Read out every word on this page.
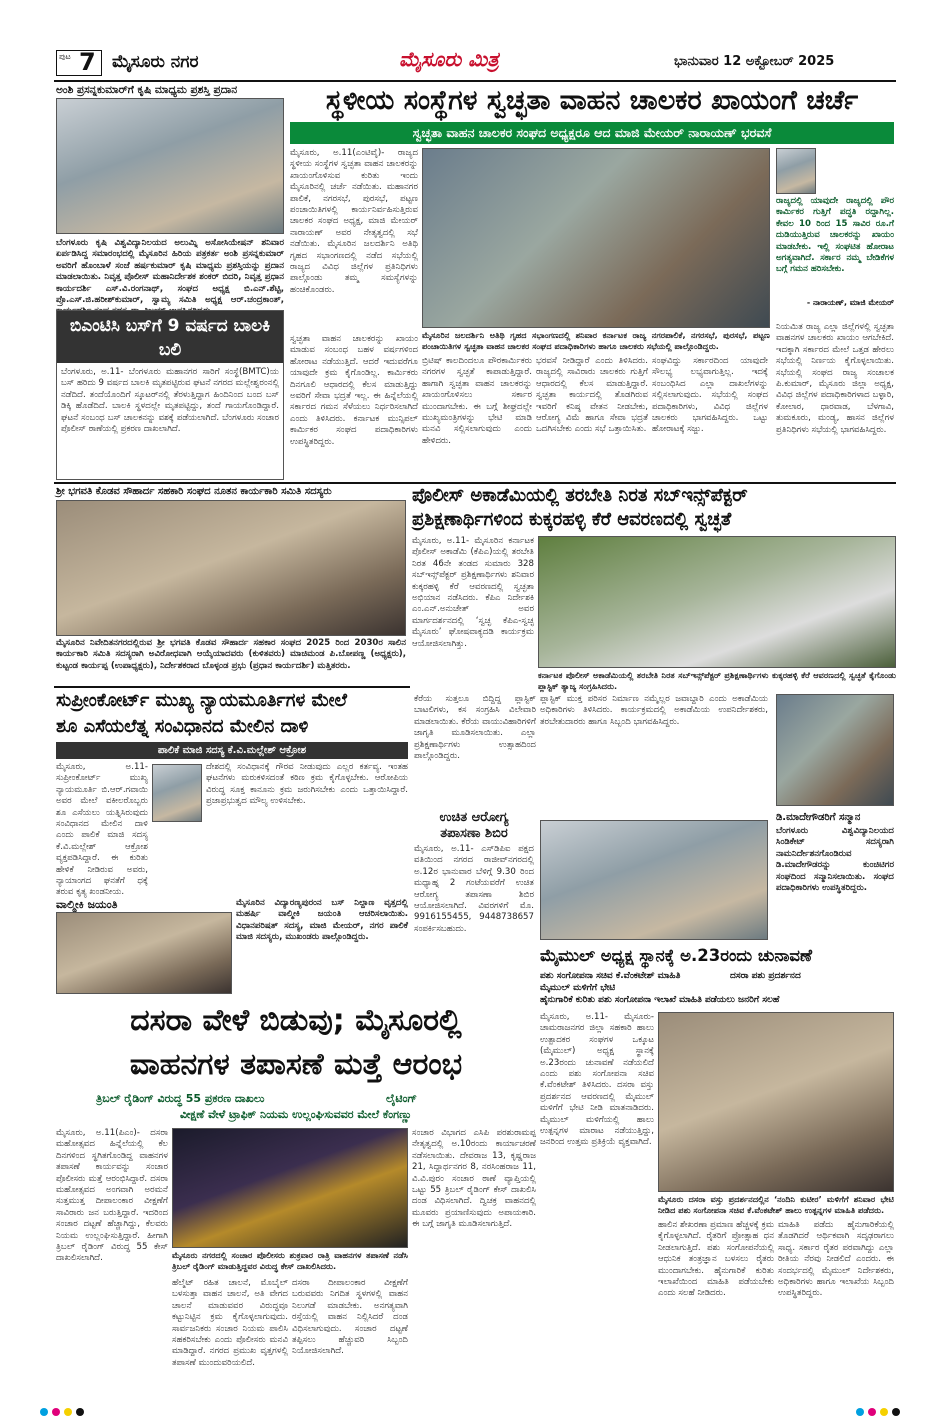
ಪುಟ 7 ಮೈಸೂರು ನಗರ	ಮೈಸೂರು ಮಿತ್ರ	ಭಾನುವಾರ 12 ಅಕ್ಟೋಬರ್ 2025
ಅಂಶಿ ಪ್ರಸನ್ನಕುಮಾರ್‌ಗೆ ಕೃಷಿ ಮಾಧ್ಯಮ ಪ್ರಶಸ್ತಿ ಪ್ರದಾನ
ಬೆಂಗಳೂರು ಕೃಷಿ ವಿಶ್ವವಿದ್ಯಾನಿಲಯದ ಅಲುಮ್ನಿ ಅಸೋಸಿಯೇಷನ್ ಶನಿವಾರ ಏರ್ಪಡಿಸಿದ್ದ ಸಮಾರಂಭದಲ್ಲಿ ಮೈಸೂರಿನ ಹಿರಿಯ ಪತ್ರಕರ್ತ ಅಂಶಿ ಪ್ರಸನ್ನಕುಮಾರ್ ಅವರಿಗೆ ಹೊಂಬಾಳೆ ಸಂಜೆ ಹರ್ಷಕುಮಾರ್ ಕೃಷಿ ಮಾಧ್ಯಮ ಪ್ರಶಸ್ತಿಯನ್ನು ಪ್ರದಾನ ಮಾಡಲಾಯಿತು. ನಿವೃತ್ತ ಪೊಲೀಸ್ ಮಹಾನಿರ್ದೇಶಕ ಶಂಕರ್ ಬಿದರಿ, ನಿವೃತ್ತ ಪ್ರಧಾನ ಕಾರ್ಯದರ್ಶಿ ಎಸ್.ವಿ.ರಂಗನಾಥ್, ಸಂಘದ ಅಧ್ಯಕ್ಷ ಬಿ.ಎನ್.ಶೆಟ್ಟಿ, ಪ್ರೊ.ಎಸ್.ಜಿ.ಹರೀಶ್‌ಕುಮಾರ್, ಸ್ವಾಮ್ಯ ಸಮಿತಿ ಅಧ್ಯಕ್ಷ ಆರ್.ಚಂದ್ರಕಾಂತ್,
ಬಿಎಂಟಿಸಿ ಬಸ್‌ಗೆ 9 ವರ್ಷದ ಬಾಲಕಿ ಬಲಿ
ಬೆಂಗಳೂರು, ಅ.11- ಬೆಂಗಳೂರು ಮಹಾನಗರ ಸಾರಿಗೆ ಸಂಸ್ಥೆ(BMTC)ಯ ಬಸ್ ಹರಿದು 9 ವರ್ಷದ ಬಾಲಕಿ ಮೃತಪಟ್ಟಿರುವ ಘಟನೆ ನಗರದ ಮಲ್ಲೇಶ್ವರಂನಲ್ಲಿ ನಡೆದಿದೆ. ತಂದೆಯೊಂದಿಗೆ ಸ್ಕೂಟರ್‌ನಲ್ಲಿ ತೆರಳುತ್ತಿದ್ದಾಗ ಹಿಂದಿನಿಂದ ಬಂದ ಬಸ್ ಡಿಕ್ಕಿ ಹೊಡೆದಿದೆ. ಬಾಲಕಿ ಸ್ಥಳದಲ್ಲೇ ಮೃತಪಟ್ಟಿದ್ದು, ತಂದೆ ಗಾಯಗೊಂಡಿದ್ದಾರೆ. ಘಟನೆ ಸಂಬಂಧ ಬಸ್ ಚಾಲಕನನ್ನು ವಶಕ್ಕೆ ಪಡೆಯಲಾಗಿದೆ. ಬೆಂಗಳೂರು ಸಂಚಾರ ಪೊಲೀಸ್ ಠಾಣೆಯಲ್ಲಿ ಪ್ರಕರಣ ದಾಖಲಾಗಿದೆ.
ಸ್ಥಳೀಯ ಸಂಸ್ಥೆಗಳ ಸ್ವಚ್ಛತಾ ವಾಹನ ಚಾಲಕರ ಖಾಯಂಗೆ ಚರ್ಚೆ
ಸ್ವಚ್ಛತಾ ವಾಹನ ಚಾಲಕರ ಸಂಘದ ಅಧ್ಯಕ್ಷರೂ ಆದ ಮಾಜಿ ಮೇಯರ್ ನಾರಾಯಣ್ ಭರವಸೆ
ಮೈಸೂರು, ಅ.11(ಎಂಟಿವೈ)- ರಾಜ್ಯದ ಸ್ಥಳೀಯ ಸಂಸ್ಥೆಗಳ ಸ್ವಚ್ಛತಾ ವಾಹನ ಚಾಲಕರನ್ನು ಖಾಯಂಗೊಳಿಸುವ ಕುರಿತು ಇಂದು ಮೈಸೂರಿನಲ್ಲಿ ಚರ್ಚೆ ನಡೆಯಿತು. ಮಹಾನಗರ ಪಾಲಿಕೆ, ನಗರಸಭೆ, ಪುರಸಭೆ, ಪಟ್ಟಣ ಪಂಚಾಯಿತಿಗಳಲ್ಲಿ ಕಾರ್ಯನಿರ್ವಹಿಸುತ್ತಿರುವ ಚಾಲಕರ ಸಂಘದ ಅಧ್ಯಕ್ಷ, ಮಾಜಿ ಮೇಯರ್ ನಾರಾಯಣ್ ಅವರ ನೇತೃತ್ವದಲ್ಲಿ ಸಭೆ ನಡೆಯಿತು. ಮೈಸೂರಿನ ಜಲದರ್ಶಿನಿ ಅತಿಥಿ ಗೃಹದ ಸಭಾಂಗಣದಲ್ಲಿ ನಡೆದ ಸಭೆಯಲ್ಲಿ ರಾಜ್ಯದ ವಿವಿಧ ಜಿಲ್ಲೆಗಳ ಪ್ರತಿನಿಧಿಗಳು ಪಾಲ್ಗೊಂಡು ತಮ್ಮ ಸಮಸ್ಯೆಗಳನ್ನು ಹಂಚಿಕೊಂಡರು.
ಮೈಸೂರಿನ ಜಲದರ್ಶಿನಿ ಅತಿಥಿ ಗೃಹದ ಸಭಾಂಗಣದಲ್ಲಿ ಶನಿವಾರ ಕರ್ನಾಟಕ ರಾಜ್ಯ ನಗರಪಾಲಿಕೆ, ನಗರಸಭೆ, ಪುರಸಭೆ, ಪಟ್ಟಣ ಪಂಚಾಯಿತಿಗಳ ಸ್ವಚ್ಛತಾ ವಾಹನ ಚಾಲಕರ ಸಂಘದ ಪದಾಧಿಕಾರಿಗಳು ಹಾಗೂ ಚಾಲಕರು ಸಭೆಯಲ್ಲಿ ಪಾಲ್ಗೊಂಡಿದ್ದರು.
ಸ್ವಚ್ಛತಾ ವಾಹನ ಚಾಲಕರನ್ನು ಖಾಯಂ ಮಾಡುವ ಸಂಬಂಧ ಬಹಳ ವರ್ಷಗಳಿಂದ ಹೋರಾಟ ನಡೆಯುತ್ತಿದೆ. ಆದರೆ ಇದುವರೆಗೂ ಯಾವುದೇ ಕ್ರಮ ಕೈಗೊಂಡಿಲ್ಲ. ಕಾರ್ಮಿಕರು ದಿನಗೂಲಿ ಆಧಾರದಲ್ಲಿ ಕೆಲಸ ಮಾಡುತ್ತಿದ್ದು ಅವರಿಗೆ ಸೇವಾ ಭದ್ರತೆ ಇಲ್ಲ. ಈ ಹಿನ್ನೆಲೆಯಲ್ಲಿ ಸರ್ಕಾರದ ಗಮನ ಸೆಳೆಯಲು ನಿರ್ಧರಿಸಲಾಗಿದೆ ಎಂದು ತಿಳಿಸಿದರು. ಕರ್ನಾಟಕ ಮುನ್ಸಿಪಲ್ ಕಾರ್ಮಿಕರ ಸಂಘದ ಪದಾಧಿಕಾರಿಗಳು ಉಪಸ್ಥಿತರಿದ್ದರು.
ಬ್ರಿಟಿಷ್ ಕಾಲದಿಂದಲೂ ಪೌರಕಾರ್ಮಿಕರು ನಗರಗಳ ಸ್ವಚ್ಛತೆ ಕಾಪಾಡುತ್ತಿದ್ದಾರೆ. ಹಾಗಾಗಿ ಸ್ವಚ್ಛತಾ ವಾಹನ ಚಾಲಕರನ್ನು ಖಾಯಂಗೊಳಿಸಲು ಸರ್ಕಾರ ಮುಂದಾಗಬೇಕು. ಈ ಬಗ್ಗೆ ಶೀಘ್ರದಲ್ಲೇ ಮುಖ್ಯಮಂತ್ರಿಗಳನ್ನು ಭೇಟಿ ಮಾಡಿ ಮನವಿ ಸಲ್ಲಿಸಲಾಗುವುದು ಎಂದು ಹೇಳಿದರು.
ಭರವಸೆ ನೀಡಿದ್ದಾರೆ ಎಂದು ತಿಳಿಸಿದರು. ರಾಜ್ಯದಲ್ಲಿ ಸಾವಿರಾರು ಚಾಲಕರು ಗುತ್ತಿಗೆ ಆಧಾರದಲ್ಲಿ ಕೆಲಸ ಮಾಡುತ್ತಿದ್ದಾರೆ. ಸ್ವಚ್ಛತಾ ಕಾರ್ಯದಲ್ಲಿ ತೊಡಗಿರುವ ಇವರಿಗೆ ಕನಿಷ್ಠ ವೇತನ ನೀಡಬೇಕು, ಆರೋಗ್ಯ ವಿಮೆ ಹಾಗೂ ಸೇವಾ ಭದ್ರತೆ ಒದಗಿಸಬೇಕು ಎಂದು ಸಭೆ ಒತ್ತಾಯಿಸಿತು.
ಸಂಘವಿದ್ದು ಸರ್ಕಾರದಿಂದ ಯಾವುದೇ ಸೌಲಭ್ಯ ಲಭ್ಯವಾಗುತ್ತಿಲ್ಲ. ಇದಕ್ಕೆ ಸಂಬಂಧಿಸಿದ ಎಲ್ಲಾ ದಾಖಲೆಗಳನ್ನು ಸಲ್ಲಿಸಲಾಗುವುದು. ಸಭೆಯಲ್ಲಿ ಸಂಘದ ಪದಾಧಿಕಾರಿಗಳು, ವಿವಿಧ ಜಿಲ್ಲೆಗಳ ಚಾಲಕರು ಭಾಗವಹಿಸಿದ್ದರು. ಒಟ್ಟು ಹೋರಾಟಕ್ಕೆ ಸಜ್ಜು.
ರಾಜ್ಯದಲ್ಲಿ ಯಾವುದೇ ರಾಜ್ಯದಲ್ಲಿ ಪೌರ ಕಾರ್ಮಿಕರ ಗುತ್ತಿಗೆ ಪದ್ಧತಿ ರದ್ದಾಗಿಲ್ಲ. ಕೇವಲ 10 ರಿಂದ 15 ಸಾವಿರ ರೂ.ಗೆ ದುಡಿಯುತ್ತಿರುವ ಚಾಲಕರನ್ನು ಖಾಯಂ ಮಾಡಬೇಕು. ಇಲ್ಲಿ ಸಂಘಟಿತ ಹೋರಾಟ ಅಗತ್ಯವಾಗಿದೆ. ಸರ್ಕಾರ ನಮ್ಮ ಬೇಡಿಕೆಗಳ ಬಗ್ಗೆ ಗಮನ ಹರಿಸಬೇಕು.
- ನಾರಾಯಣ್, ಮಾಜಿ ಮೇಯರ್
ನಿಯಮಿತ ರಾಜ್ಯ ಎಲ್ಲಾ ಜಿಲ್ಲೆಗಳಲ್ಲಿ ಸ್ವಚ್ಛತಾ ವಾಹನಗಳ ಚಾಲಕರು ಖಾಯಂ ಆಗಬೇಕಿದೆ. ಇದಕ್ಕಾಗಿ ಸರ್ಕಾರದ ಮೇಲೆ ಒತ್ತಡ ಹೇರಲು ಸಭೆಯಲ್ಲಿ ನಿರ್ಣಯ ಕೈಗೊಳ್ಳಲಾಯಿತು. ಸಭೆಯಲ್ಲಿ ಸಂಘದ ರಾಜ್ಯ ಸಂಚಾಲಕ ಪಿ.ಕುಮಾರ್, ಮೈಸೂರು ಜಿಲ್ಲಾ ಅಧ್ಯಕ್ಷ, ವಿವಿಧ ಜಿಲ್ಲೆಗಳ ಪದಾಧಿಕಾರಿಗಳಾದ ಬಳ್ಳಾರಿ, ಕೋಲಾರ, ಧಾರವಾಡ, ಬೆಳಗಾವಿ, ತುಮಕೂರು, ಮಂಡ್ಯ, ಹಾಸನ ಜಿಲ್ಲೆಗಳ ಪ್ರತಿನಿಧಿಗಳು ಸಭೆಯಲ್ಲಿ ಭಾಗವಹಿಸಿದ್ದರು.
ಶ್ರೀ ಭಗವತಿ ಕೊಡವ ಸೌಹಾರ್ದ ಸಹಕಾರಿ ಸಂಘದ ನೂತನ ಕಾರ್ಯಕಾರಿ ಸಮಿತಿ ಸದಸ್ಯರು
ಮೈಸೂರಿನ ನಿವೇದಿತನಗರದಲ್ಲಿರುವ ಶ್ರೀ ಭಗವತಿ ಕೊಡವ ಸೌಹಾರ್ದ ಸಹಕಾರ ಸಂಘದ 2025 ರಿಂದ 2030ರ ಸಾಲಿನ ಕಾರ್ಯಕಾರಿ ಸಮಿತಿ ಸದಸ್ಯರಾಗಿ ಅವಿರೋಧವಾಗಿ ಆಯ್ಕೆಯಾದವರು (ಕುಳಿತವರು) ಮಾಚಿಮಂಡ ಪಿ.ಬೋಪಣ್ಣ (ಅಧ್ಯಕ್ಷರು), ಕುಟ್ಟಂಡ ಕಾರ್ಯಪ್ಪ (ಉಪಾಧ್ಯಕ್ಷರು), ನಿರ್ದೇಶಕರಾದ ಬೊಳ್ಳಂಡ ಪ್ರಭು (ಪ್ರಧಾನ ಕಾರ್ಯದರ್ಶಿ) ಮತ್ತಿತರರು.
ಪೊಲೀಸ್ ಅಕಾಡೆಮಿಯಲ್ಲಿ ತರಬೇತಿ ನಿರತ ಸಬ್‌ಇನ್ಸ್‌ಪೆಕ್ಟರ್
ಪ್ರಶಿಕ್ಷಣಾರ್ಥಿಗಳಿಂದ ಕುಕ್ಕರಹಳ್ಳಿ ಕೆರೆ ಆವರಣದಲ್ಲಿ ಸ್ವಚ್ಛತೆ
ಮೈಸೂರು, ಅ.11- ಮೈಸೂರಿನ ಕರ್ನಾಟಕ ಪೊಲೀಸ್ ಅಕಾಡೆಮಿ (ಕೆಪಿಎ)ಯಲ್ಲಿ ತರಬೇತಿ ನಿರತ 46ನೇ ತಂಡದ ಸುಮಾರು 328 ಸಬ್‌ಇನ್ಸ್‌ಪೆಕ್ಟರ್ ಪ್ರಶಿಕ್ಷಣಾರ್ಥಿಗಳು ಶನಿವಾರ ಕುಕ್ಕರಹಳ್ಳಿ ಕೆರೆ ಆವರಣದಲ್ಲಿ ಸ್ವಚ್ಛತಾ ಅಭಿಯಾನ ನಡೆಸಿದರು. ಕೆಪಿಎ ನಿರ್ದೇಶಕಿ ಎಂ.ಎನ್.ಅನುಚೇತ್ ಅವರ ಮಾರ್ಗದರ್ಶನದಲ್ಲಿ ‘ಸ್ವಚ್ಛ ಕೆಪಿಎ-ಸ್ವಚ್ಛ ಮೈಸೂರು’ ಘೋಷವಾಕ್ಯದಡಿ ಕಾರ್ಯಕ್ರಮ ಆಯೋಜಿಸಲಾಗಿತ್ತು.
ಕರ್ನಾಟಕ ಪೊಲೀಸ್ ಅಕಾಡೆಮಿಯಲ್ಲಿ ತರಬೇತಿ ನಿರತ ಸಬ್‌ಇನ್ಸ್‌ಪೆಕ್ಟರ್ ಪ್ರಶಿಕ್ಷಣಾರ್ಥಿಗಳು ಕುಕ್ಕರಹಳ್ಳಿ ಕೆರೆ ಆವರಣದಲ್ಲಿ ಸ್ವಚ್ಛತೆ ಕೈಗೊಂಡು ಪ್ಲಾಸ್ಟಿಕ್ ತ್ಯಾಜ್ಯ ಸಂಗ್ರಹಿಸಿದರು.
ಸುಪ್ರೀಂಕೋರ್ಟ್ ಮುಖ್ಯ ನ್ಯಾಯಮೂರ್ತಿಗಳ ಮೇಲೆ
ಶೂ ಎಸೆಯಲೆತ್ನ ಸಂವಿಧಾನದ ಮೇಲಿನ ದಾಳಿ
ಪಾಲಿಕೆ ಮಾಜಿ ಸದಸ್ಯ ಕೆ.ವಿ.ಮಲ್ಲೇಶ್ ಆಕ್ರೋಶ
ಮೈಸೂರು, ಅ.11- ಸುಪ್ರೀಂಕೋರ್ಟ್ ಮುಖ್ಯ ನ್ಯಾಯಮೂರ್ತಿ ಬಿ.ಆರ್.ಗವಾಯಿ ಅವರ ಮೇಲೆ ವಕೀಲರೊಬ್ಬರು ಶೂ ಎಸೆಯಲು ಯತ್ನಿಸಿರುವುದು ಸಂವಿಧಾನದ ಮೇಲಿನ ದಾಳಿ ಎಂದು ಪಾಲಿಕೆ ಮಾಜಿ ಸದಸ್ಯ ಕೆ.ವಿ.ಮಲ್ಲೇಶ್ ಆಕ್ರೋಶ ವ್ಯಕ್ತಪಡಿಸಿದ್ದಾರೆ. ಈ ಕುರಿತು ಹೇಳಿಕೆ ನೀಡಿರುವ ಅವರು, ನ್ಯಾಯಾಂಗದ ಘನತೆಗೆ ಧಕ್ಕೆ ತರುವ ಕೃತ್ಯ ಖಂಡನೀಯ.
ದೇಶದಲ್ಲಿ ಸಂವಿಧಾನಕ್ಕೆ ಗೌರವ ನೀಡುವುದು ಎಲ್ಲರ ಕರ್ತವ್ಯ. ಇಂತಹ ಘಟನೆಗಳು ಮರುಕಳಿಸದಂತೆ ಕಠಿಣ ಕ್ರಮ ಕೈಗೊಳ್ಳಬೇಕು. ಆರೋಪಿಯ ವಿರುದ್ಧ ಸೂಕ್ತ ಕಾನೂನು ಕ್ರಮ ಜರುಗಿಸಬೇಕು ಎಂದು ಒತ್ತಾಯಿಸಿದ್ದಾರೆ. ಪ್ರಜಾಪ್ರಭುತ್ವದ ಮೌಲ್ಯ ಉಳಿಸಬೇಕು.
ವಾಲ್ಮೀಕಿ ಜಯಂತಿ	ಮೈಸೂರಿನ ವಿದ್ಯಾರಣ್ಯಪುರಂನ ಬಸ್ ನಿಲ್ದಾಣ ವೃತ್ತದಲ್ಲಿ ಮಹರ್ಷಿ ವಾಲ್ಮೀಕಿ ಜಯಂತಿ ಆಚರಿಸಲಾಯಿತು. ವಿಧಾನಪರಿಷತ್ ಸದಸ್ಯ, ಮಾಜಿ ಮೇಯರ್, ನಗರ ಪಾಲಿಕೆ ಮಾಜಿ ಸದಸ್ಯರು, ಮುಖಂಡರು ಪಾಲ್ಗೊಂಡಿದ್ದರು.
ಕೆರೆಯ ಸುತ್ತಲೂ ಬಿದ್ದಿದ್ದ ಪ್ಲಾಸ್ಟಿಕ್ ಬಾಟಲಿಗಳು, ಕಸ ಸಂಗ್ರಹಿಸಿ ವಿಲೇವಾರಿ ಮಾಡಲಾಯಿತು. ಕೆರೆಯ ವಾಯುವಿಹಾರಿಗಳಿಗೆ ಜಾಗೃತಿ ಮೂಡಿಸಲಾಯಿತು. ಎಲ್ಲಾ ಪ್ರಶಿಕ್ಷಣಾರ್ಥಿಗಳು ಉತ್ಸಾಹದಿಂದ ಪಾಲ್ಗೊಂಡಿದ್ದರು.
ಪ್ಲಾಸ್ಟಿಕ್ ಮುಕ್ತ ಪರಿಸರ ನಿರ್ಮಾಣ ನಮ್ಮೆಲ್ಲರ ಜವಾಬ್ದಾರಿ ಎಂದು ಅಕಾಡೆಮಿಯ ಅಧಿಕಾರಿಗಳು ತಿಳಿಸಿದರು. ಕಾರ್ಯಕ್ರಮದಲ್ಲಿ ಅಕಾಡೆಮಿಯ ಉಪನಿರ್ದೇಶಕರು, ತರಬೇತುದಾರರು ಹಾಗೂ ಸಿಬ್ಬಂದಿ ಭಾಗವಹಿಸಿದ್ದರು.
ಉಚಿತ ಆರೋಗ್ಯ
ತಪಾಸಣಾ ಶಿಬಿರ
ಮೈಸೂರು, ಅ.11- ಎಸ್‌ಡಿಪಿಐ ಪಕ್ಷದ ವತಿಯಿಂದ ನಗರದ ರಾಜೀವ್‌ನಗರದಲ್ಲಿ ಅ.12ರ ಭಾನುವಾರ ಬೆಳಿಗ್ಗೆ 9.30 ರಿಂದ ಮಧ್ಯಾಹ್ನ 2 ಗಂಟೆಯವರೆಗೆ ಉಚಿತ ಆರೋಗ್ಯ ತಪಾಸಣಾ ಶಿಬಿರ ಆಯೋಜಿಸಲಾಗಿದೆ. ವಿವರಗಳಿಗೆ ಮೊ. 9916155455, 9448738657 ಸಂಪರ್ಕಿಸಬಹುದು.
ಡಿ.ಮಾದೇಗೌಡರಿಗೆ ಸನ್ಮಾನ
ಬೆಂಗಳೂರು ವಿಶ್ವವಿದ್ಯಾನಿಲಯದ ಸಿಂಡಿಕೇಟ್ ಸದಸ್ಯರಾಗಿ ನಾಮನಿರ್ದೇಶನಗೊಂಡಿರುವ ಡಿ.ಮಾದೇಗೌಡರನ್ನು ಕುಂಚಿಟಿಗರ ಸಂಘದಿಂದ ಸನ್ಮಾನಿಸಲಾಯಿತು. ಸಂಘದ ಪದಾಧಿಕಾರಿಗಳು ಉಪಸ್ಥಿತರಿದ್ದರು.
ಮೈಮುಲ್ ಅಧ್ಯಕ್ಷ ಸ್ಥಾನಕ್ಕೆ ಅ.23ರಂದು ಚುನಾವಣೆ
ಪಶು ಸಂಗೋಪನಾ ಸಚಿವ ಕೆ.ವೆಂಕಟೇಶ್ ಮಾಹಿತಿ	ದಸರಾ ಪಶು ಪ್ರದರ್ಶನದ
ಮೈಮುಲ್ ಮಳಿಗೆಗೆ ಭೇಟಿ
ಹೈನುಗಾರಿಕೆ ಕುರಿತು ಪಶು ಸಂಗೋಪನಾ ಇಲಾಖೆ ಮಾಹಿತಿ ಪಡೆಯಲು ಜನರಿಗೆ ಸಲಹೆ
ಮೈಸೂರು, ಅ.11- ಮೈಸೂರು-ಚಾಮರಾಜನಗರ ಜಿಲ್ಲಾ ಸಹಕಾರಿ ಹಾಲು ಉತ್ಪಾದಕರ ಸಂಘಗಳ ಒಕ್ಕೂಟ (ಮೈಮುಲ್) ಅಧ್ಯಕ್ಷ ಸ್ಥಾನಕ್ಕೆ ಅ.23ರಂದು ಚುನಾವಣೆ ನಡೆಯಲಿದೆ ಎಂದು ಪಶು ಸಂಗೋಪನಾ ಸಚಿವ ಕೆ.ವೆಂಕಟೇಶ್ ತಿಳಿಸಿದರು. ದಸರಾ ವಸ್ತು ಪ್ರದರ್ಶನದ ಆವರಣದಲ್ಲಿ ಮೈಮುಲ್ ಮಳಿಗೆಗೆ ಭೇಟಿ ನೀಡಿ ಮಾತನಾಡಿದರು. ಮೈಮುಲ್ ಮಳಿಗೆಯಲ್ಲಿ ಹಾಲು ಉತ್ಪನ್ನಗಳ ಮಾರಾಟ ನಡೆಯುತ್ತಿದ್ದು, ಜನರಿಂದ ಉತ್ತಮ ಪ್ರತಿಕ್ರಿಯೆ ವ್ಯಕ್ತವಾಗಿದೆ.
ಮೈಸೂರು ದಸರಾ ವಸ್ತು ಪ್ರದರ್ಶನದಲ್ಲಿನ ‘ನಂದಿನಿ ಕುಟೀರ’ ಮಳಿಗೆಗೆ ಶನಿವಾರ ಭೇಟಿ ನೀಡಿದ ಪಶು ಸಂಗೋಪನಾ ಸಚಿವ ಕೆ.ವೆಂಕಟೇಶ್ ಹಾಲು ಉತ್ಪನ್ನಗಳ ಮಾಹಿತಿ ಪಡೆದರು.
ಹಾಲಿನ ಶೇಖರಣಾ ಪ್ರಮಾಣ ಹೆಚ್ಚಳಕ್ಕೆ ಕ್ರಮ ಕೈಗೊಳ್ಳಲಾಗಿದೆ. ರೈತರಿಗೆ ಪ್ರೋತ್ಸಾಹ ಧನ ನೀಡಲಾಗುತ್ತಿದೆ. ಪಶು ಸಂಗೋಪನೆಯಲ್ಲಿ ಆಧುನಿಕ ತಂತ್ರಜ್ಞಾನ ಬಳಸಲು ರೈತರು ಮುಂದಾಗಬೇಕು. ಹೈನುಗಾರಿಕೆ ಕುರಿತು ಇಲಾಖೆಯಿಂದ ಮಾಹಿತಿ ಪಡೆಯಬೇಕು ಎಂದು ಸಲಹೆ ನೀಡಿದರು.
ಮಾಹಿತಿ ಪಡೆದು ಹೈನುಗಾರಿಕೆಯಲ್ಲಿ ತೊಡಗಿದರೆ ಆರ್ಥಿಕವಾಗಿ ಸದೃಢರಾಗಲು ಸಾಧ್ಯ. ಸರ್ಕಾರ ರೈತರ ಪರವಾಗಿದ್ದು ಎಲ್ಲಾ ರೀತಿಯ ನೆರವು ನೀಡಲಿದೆ ಎಂದರು. ಈ ಸಂದರ್ಭದಲ್ಲಿ ಮೈಮುಲ್ ನಿರ್ದೇಶಕರು, ಅಧಿಕಾರಿಗಳು ಹಾಗೂ ಇಲಾಖೆಯ ಸಿಬ್ಬಂದಿ ಉಪಸ್ಥಿತರಿದ್ದರು.
ದಸರಾ ವೇಳೆ ಬಿಡುವು; ಮೈಸೂರಲ್ಲಿ
ವಾಹನಗಳ ತಪಾಸಣೆ ಮತ್ತೆ ಆರಂಭ
ತ್ರಿಬಲ್ ರೈಡಿಂಗ್ ವಿರುದ್ಧ 55 ಪ್ರಕರಣ ದಾಖಲು	ಲೈಟಿಂಗ್
ವೀಕ್ಷಣೆ ವೇಳೆ ಟ್ರಾಫಿಕ್ ನಿಯಮ ಉಲ್ಲಂಘಿಸುವವರ ಮೇಲೆ ಕೆಂಗಣ್ಣು
ಮೈಸೂರು, ಅ.11(ಪಿಎಂ)- ದಸರಾ ಮಹೋತ್ಸವದ ಹಿನ್ನೆಲೆಯಲ್ಲಿ ಕೆಲ ದಿನಗಳಿಂದ ಸ್ಥಗಿತಗೊಂಡಿದ್ದ ವಾಹನಗಳ ತಪಾಸಣೆ ಕಾರ್ಯವನ್ನು ಸಂಚಾರ ಪೊಲೀಸರು ಮತ್ತೆ ಆರಂಭಿಸಿದ್ದಾರೆ. ದಸರಾ ಮಹೋತ್ಸವದ ಅಂಗವಾಗಿ ಅರಮನೆ ಸುತ್ತಮುತ್ತ ದೀಪಾಲಂಕಾರ ವೀಕ್ಷಣೆಗೆ ಸಾವಿರಾರು ಜನ ಬರುತ್ತಿದ್ದಾರೆ. ಇದರಿಂದ ಸಂಚಾರ ದಟ್ಟಣೆ ಹೆಚ್ಚಾಗಿದ್ದು, ಕೆಲವರು ನಿಯಮ ಉಲ್ಲಂಘಿಸುತ್ತಿದ್ದಾರೆ. ಹೀಗಾಗಿ ತ್ರಿಬಲ್ ರೈಡಿಂಗ್ ವಿರುದ್ಧ 55 ಕೇಸ್ ದಾಖಲಿಸಲಾಗಿದೆ.	ಮೈಸೂರು ನಗರದಲ್ಲಿ ಸಂಚಾರ ಪೊಲೀಸರು ಶುಕ್ರವಾರ ರಾತ್ರಿ ವಾಹನಗಳ ತಪಾಸಣೆ ನಡೆಸಿ ತ್ರಿಬಲ್ ರೈಡಿಂಗ್ ಮಾಡುತ್ತಿದ್ದವರ ವಿರುದ್ಧ ಕೇಸ್ ದಾಖಲಿಸಿದರು.
ಸಂಚಾರ ವಿಭಾಗದ ಎಸಿಪಿ ಪರಶುರಾಮಪ್ಪ ನೇತೃತ್ವದಲ್ಲಿ ಅ.10ರಂದು ಕಾರ್ಯಾಚರಣೆ ನಡೆಸಲಾಯಿತು. ದೇವರಾಜ 13, ಕೃಷ್ಣರಾಜ 21, ಸಿದ್ದಾರ್ಥನಗರ 8, ನರಸಿಂಹರಾಜ 11, ವಿ.ವಿ.ಪುರಂ ಸಂಚಾರ ಠಾಣೆ ವ್ಯಾಪ್ತಿಯಲ್ಲಿ ಒಟ್ಟು 55 ತ್ರಿಬಲ್ ರೈಡಿಂಗ್ ಕೇಸ್ ದಾಖಲಿಸಿ ದಂಡ ವಿಧಿಸಲಾಗಿದೆ. ದ್ವಿಚಕ್ರ ವಾಹನದಲ್ಲಿ ಮೂವರು ಪ್ರಯಾಣಿಸುವುದು ಅಪಾಯಕಾರಿ. ಈ ಬಗ್ಗೆ ಜಾಗೃತಿ ಮೂಡಿಸಲಾಗುತ್ತಿದೆ.
ಹೆಲ್ಮೆಟ್ ರಹಿತ ಚಾಲನೆ, ಮೊಬೈಲ್ ಬಳಸುತ್ತಾ ವಾಹನ ಚಾಲನೆ, ಅತಿ ವೇಗದ ಚಾಲನೆ ಮಾಡುವವರ ವಿರುದ್ಧವೂ ಕಟ್ಟುನಿಟ್ಟಿನ ಕ್ರಮ ಕೈಗೊಳ್ಳಲಾಗುವುದು. ಸಾರ್ವಜನಿಕರು ಸಂಚಾರ ನಿಯಮ ಪಾಲಿಸಿ ಸಹಕರಿಸಬೇಕು ಎಂದು ಪೊಲೀಸರು ಮನವಿ ಮಾಡಿದ್ದಾರೆ. ನಗರದ ಪ್ರಮುಖ ವೃತ್ತಗಳಲ್ಲಿ ತಪಾಸಣೆ ಮುಂದುವರಿಯಲಿದೆ.
ದಸರಾ ದೀಪಾಲಂಕಾರ ವೀಕ್ಷಣೆಗೆ ಬರುವವರು ನಿಗದಿತ ಸ್ಥಳಗಳಲ್ಲಿ ವಾಹನ ನಿಲುಗಡೆ ಮಾಡಬೇಕು. ಅನಗತ್ಯವಾಗಿ ರಸ್ತೆಯಲ್ಲಿ ವಾಹನ ನಿಲ್ಲಿಸಿದರೆ ದಂಡ ವಿಧಿಸಲಾಗುವುದು. ಸಂಚಾರ ದಟ್ಟಣೆ ತಪ್ಪಿಸಲು ಹೆಚ್ಚುವರಿ ಸಿಬ್ಬಂದಿ ನಿಯೋಜಿಸಲಾಗಿದೆ.
